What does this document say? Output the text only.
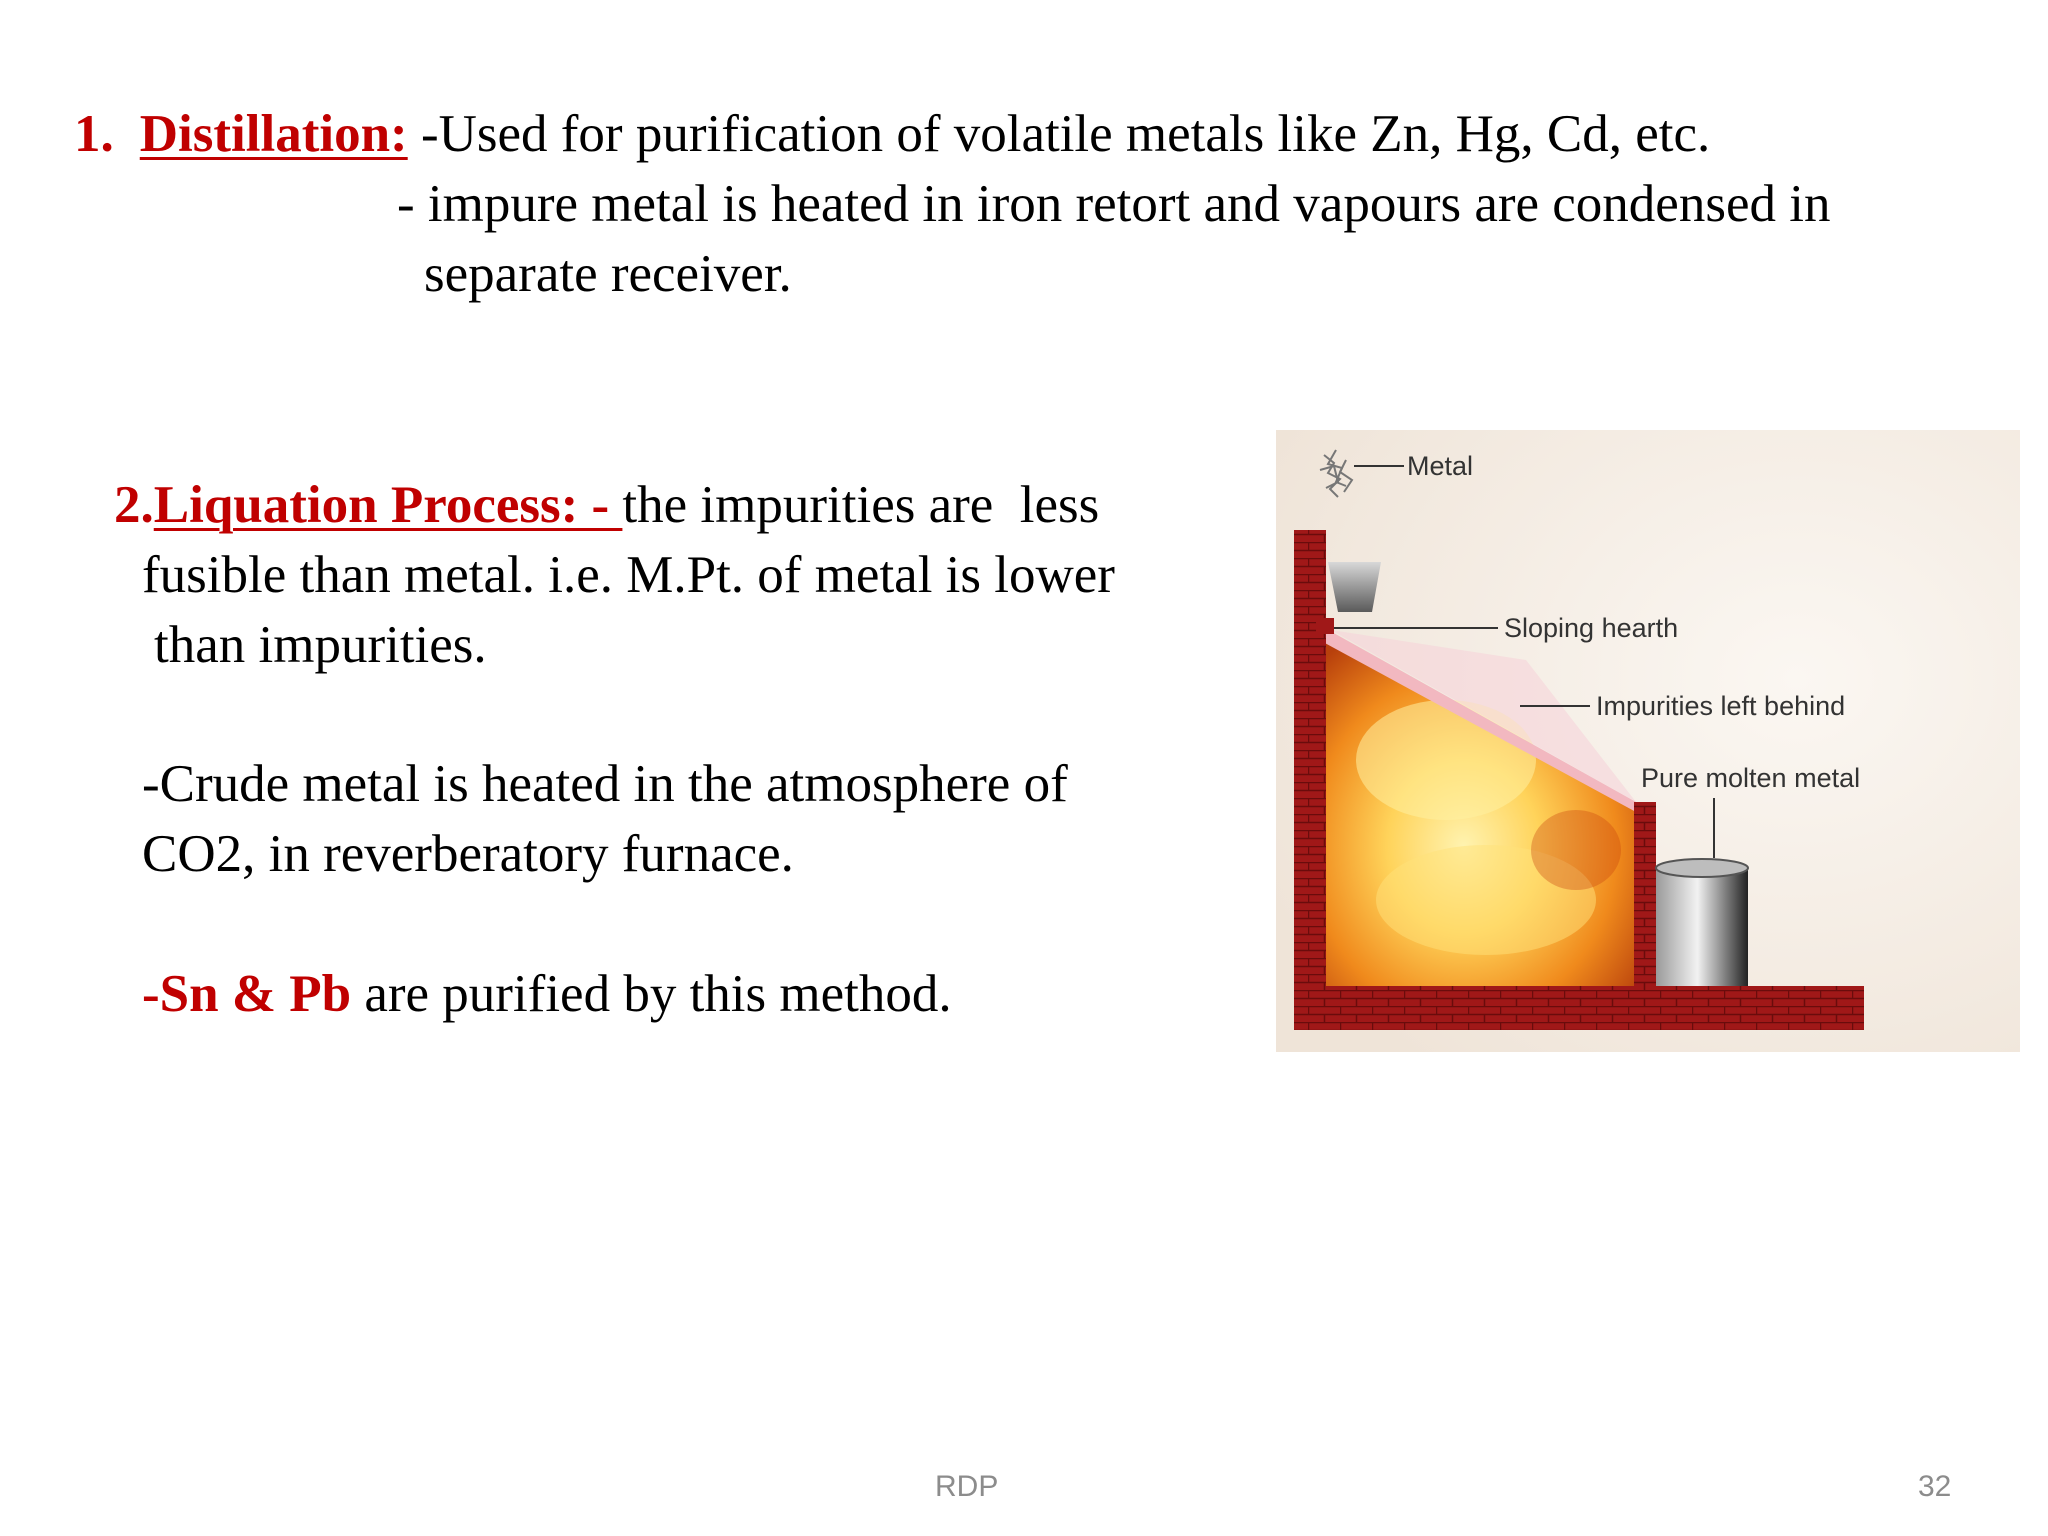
1. Distillation: -Used for purification of volatile metals like Zn, Hg, Cd, etc.
- impure metal is heated in iron retort and vapours are condensed in
separate receiver.
2.Liquation Process: - the impurities are  less
fusible than metal. i.e. M.Pt. of metal is lower
than impurities.
-Crude metal is heated in the atmosphere of
CO2, in reverberatory furnace.
-Sn & Pb are purified by this method.
Metal
Sloping hearth
Impurities left behind
Pure molten metal
RDP	32
